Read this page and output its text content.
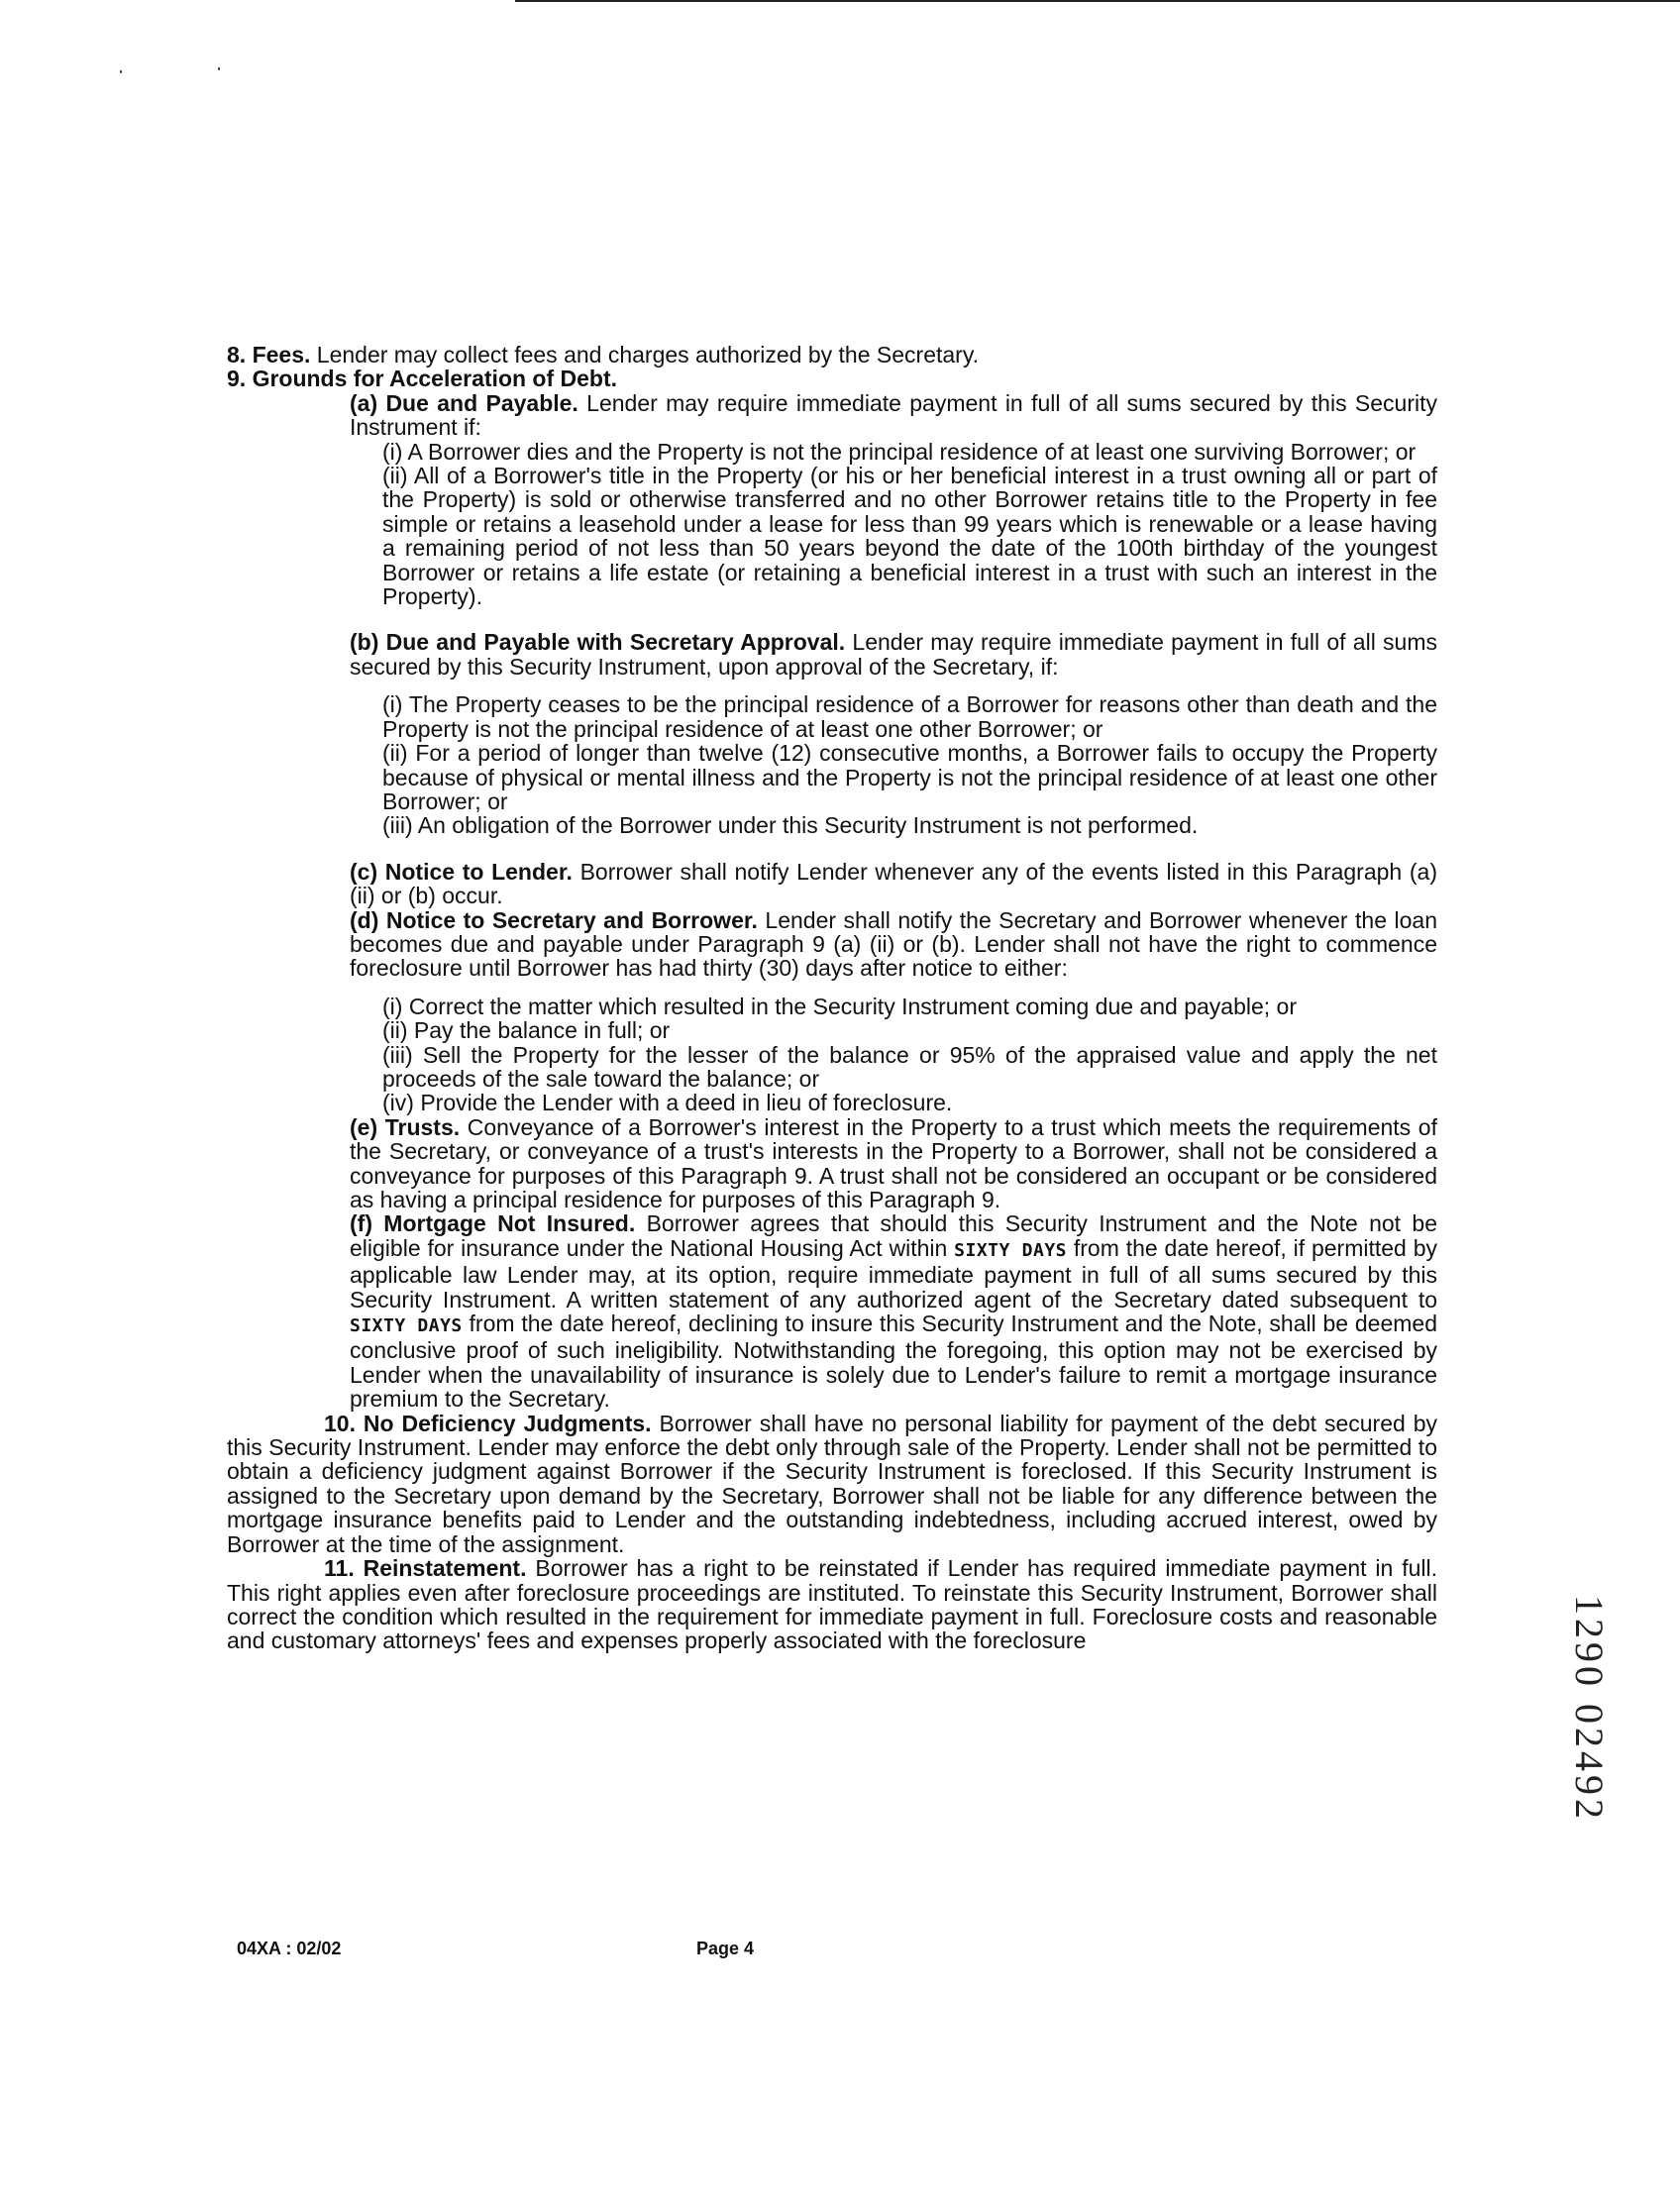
8. Fees. Lender may collect fees and charges authorized by the Secretary.

9. Grounds for Acceleration of Debt.

(a) Due and Payable. Lender may require immediate payment in full of all sums secured by this Security Instrument if:

(i) A Borrower dies and the Property is not the principal residence of at least one surviving Borrower; or

(ii) All of a Borrower's title in the Property (or his or her beneficial interest in a trust owning all or part of the Property) is sold or otherwise transferred and no other Borrower retains title to the Property in fee simple or retains a leasehold under a lease for less than 99 years which is renewable or a lease having a remaining period of not less than 50 years beyond the date of the 100th birthday of the youngest Borrower or retains a life estate (or retaining a beneficial interest in a trust with such an interest in the Property).

(b) Due and Payable with Secretary Approval. Lender may require immediate payment in full of all sums secured by this Security Instrument, upon approval of the Secretary, if:

(i) The Property ceases to be the principal residence of a Borrower for reasons other than death and the Property is not the principal residence of at least one other Borrower; or

(ii) For a period of longer than twelve (12) consecutive months, a Borrower fails to occupy the Property because of physical or mental illness and the Property is not the principal residence of at least one other Borrower; or

(iii) An obligation of the Borrower under this Security Instrument is not performed.

(c) Notice to Lender. Borrower shall notify Lender whenever any of the events listed in this Paragraph (a) (ii) or (b) occur.

(d) Notice to Secretary and Borrower. Lender shall notify the Secretary and Borrower whenever the loan becomes due and payable under Paragraph 9 (a) (ii) or (b). Lender shall not have the right to commence foreclosure until Borrower has had thirty (30) days after notice to either:

(i) Correct the matter which resulted in the Security Instrument coming due and payable; or

(ii) Pay the balance in full; or

(iii) Sell the Property for the lesser of the balance or 95% of the appraised value and apply the net proceeds of the sale toward the balance; or

(iv) Provide the Lender with a deed in lieu of foreclosure.

(e) Trusts. Conveyance of a Borrower's interest in the Property to a trust which meets the requirements of the Secretary, or conveyance of a trust's interests in the Property to a Borrower, shall not be considered a conveyance for purposes of this Paragraph 9. A trust shall not be considered an occupant or be considered as having a principal residence for purposes of this Paragraph 9.

(f) Mortgage Not Insured. Borrower agrees that should this Security Instrument and the Note not be eligible for insurance under the National Housing Act within SIXTY DAYS from the date hereof, if permitted by applicable law Lender may, at its option, require immediate payment in full of all sums secured by this Security Instrument. A written statement of any authorized agent of the Secretary dated subsequent to SIXTY DAYS from the date hereof, declining to insure this Security Instrument and the Note, shall be deemed conclusive proof of such ineligibility. Notwithstanding the foregoing, this option may not be exercised by Lender when the unavailability of insurance is solely due to Lender's failure to remit a mortgage insurance premium to the Secretary.

10. No Deficiency Judgments. Borrower shall have no personal liability for payment of the debt secured by this Security Instrument. Lender may enforce the debt only through sale of the Property. Lender shall not be permitted to obtain a deficiency judgment against Borrower if the Security Instrument is foreclosed. If this Security Instrument is assigned to the Secretary upon demand by the Secretary, Borrower shall not be liable for any difference between the mortgage insurance benefits paid to Lender and the outstanding indebtedness, including accrued interest, owed by Borrower at the time of the assignment.

11. Reinstatement. Borrower has a right to be reinstated if Lender has required immediate payment in full. This right applies even after foreclosure proceedings are instituted. To reinstate this Security Instrument, Borrower shall correct the condition which resulted in the requirement for immediate payment in full. Foreclosure costs and reasonable and customary attorneys' fees and expenses properly associated with the foreclosure

04XA : 02/02	Page 4
1290 02492
